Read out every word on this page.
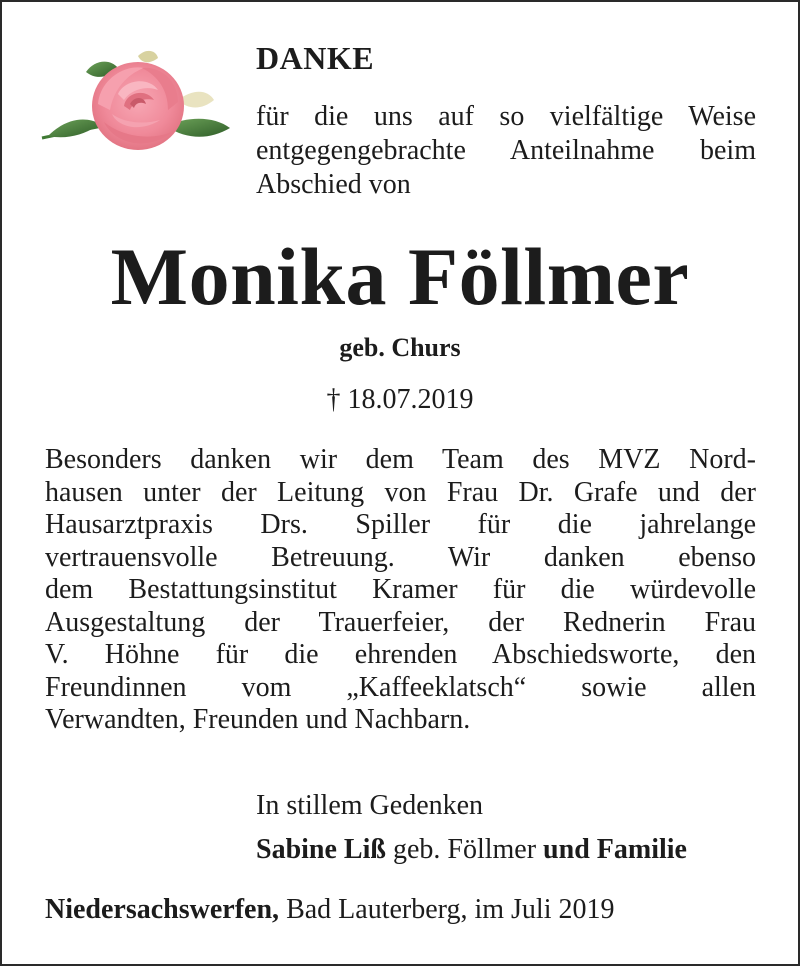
DANKE
für die uns auf so vielfältige Weise
entgegengebrachte Anteilnahme beim
Abschied von
Monika Föllmer
geb. Churs
† 18.07.2019
Besonders danken wir dem Team des MVZ Nord-
hausen unter der Leitung von Frau Dr. Grafe und der
Hausarztpraxis Drs. Spiller für die jahrelange
vertrauensvolle Betreuung. Wir danken ebenso
dem Bestattungsinstitut Kramer für die würdevolle
Ausgestaltung der Trauerfeier, der Rednerin Frau
V. Höhne für die ehrenden Abschiedsworte, den
Freundinnen vom „Kaffeeklatsch“ sowie allen
Verwandten, Freunden und Nachbarn.
In stillem Gedenken
Sabine Liß geb. Föllmer und Familie
Niedersachswerfen, Bad Lauterberg, im Juli 2019
